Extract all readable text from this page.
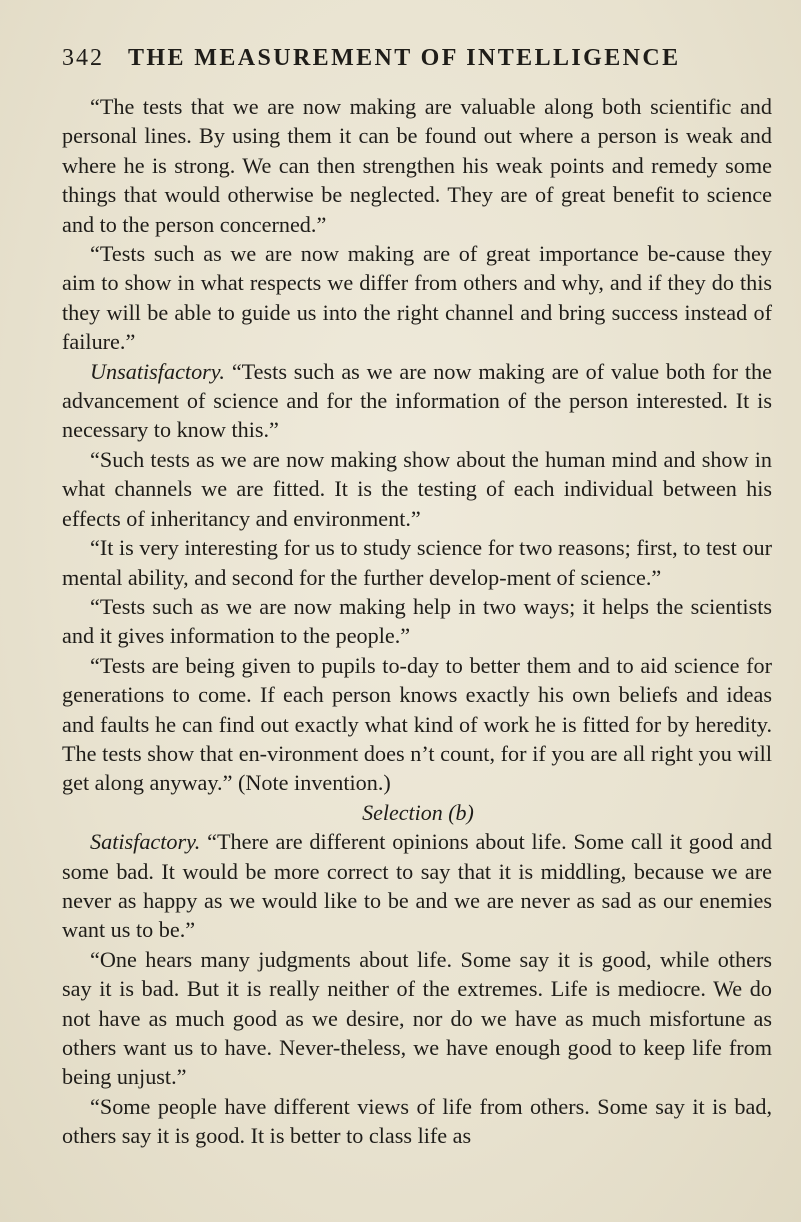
342 THE MEASUREMENT OF INTELLIGENCE

“The tests that we are now making are valuable along both scientific and personal lines. By using them it can be found out where a person is weak and where he is strong. We can then strengthen his weak points and remedy some things that would otherwise be neglected. They are of great benefit to science and to the person concerned.”

“Tests such as we are now making are of great importance be-cause they aim to show in what respects we differ from others and why, and if they do this they will be able to guide us into the right channel and bring success instead of failure.”

Unsatisfactory. “Tests such as we are now making are of value both for the advancement of science and for the information of the person interested. It is necessary to know this.”

“Such tests as we are now making show about the human mind and show in what channels we are fitted. It is the testing of each individual between his effects of inheritancy and environment.”

“It is very interesting for us to study science for two reasons; first, to test our mental ability, and second for the further develop-ment of science.”

“Tests such as we are now making help in two ways; it helps the scientists and it gives information to the people.”

“Tests are being given to pupils to-day to better them and to aid science for generations to come. If each person knows exactly his own beliefs and ideas and faults he can find out exactly what kind of work he is fitted for by heredity. The tests show that en-vironment does n’t count, for if you are all right you will get along anyway.” (Note invention.)

Selection (b)

Satisfactory. “There are different opinions about life. Some call it good and some bad. It would be more correct to say that it is middling, because we are never as happy as we would like to be and we are never as sad as our enemies want us to be.”

“One hears many judgments about life. Some say it is good, while others say it is bad. But it is really neither of the extremes. Life is mediocre. We do not have as much good as we desire, nor do we have as much misfortune as others want us to have. Never-theless, we have enough good to keep life from being unjust.”

“Some people have different views of life from others. Some say it is bad, others say it is good. It is better to class life as
